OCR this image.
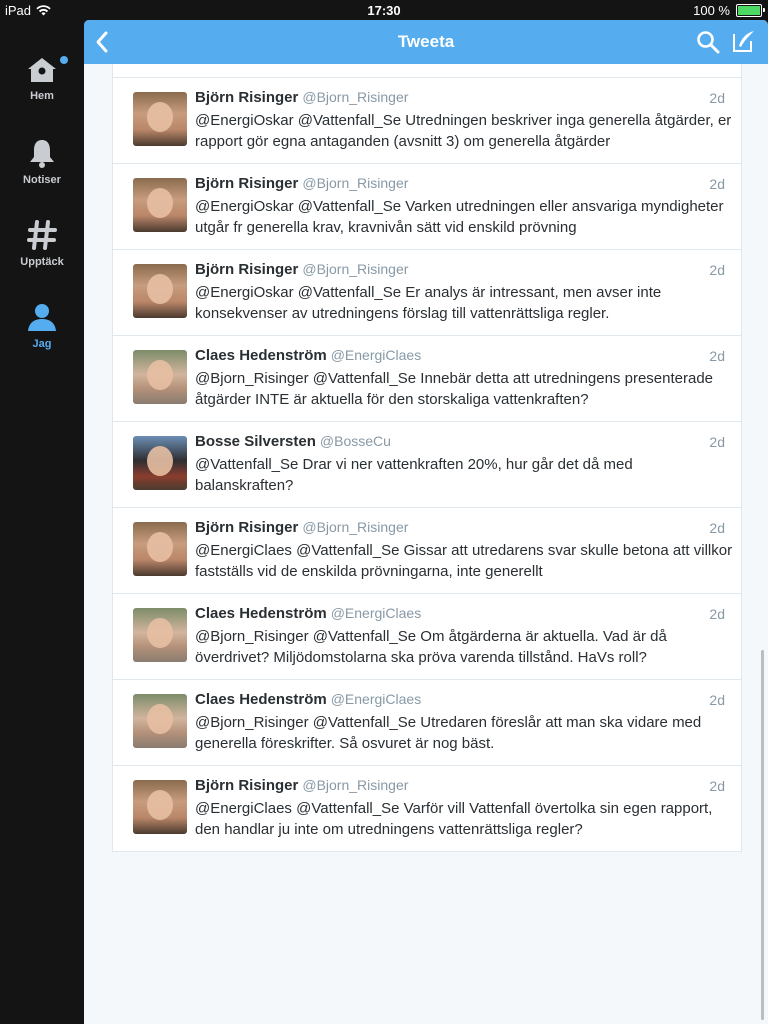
iPad	17:30	100 %
Hem
Notiser
Upptäck
Jag
Tweeta
Björn Risinger @Bjorn_Risinger	2d
@EnergiOskar @Vattenfall_Se Utredningen beskriver inga generella åtgärder, er rapport gör egna antaganden (avsnitt 3) om generella åtgärder
Björn Risinger @Bjorn_Risinger	2d
@EnergiOskar @Vattenfall_Se Varken utredningen eller ansvariga myndigheter utgår fr generella krav, kravnivån sätt vid enskild prövning
Björn Risinger @Bjorn_Risinger	2d
@EnergiOskar @Vattenfall_Se Er analys är intressant, men avser inte konsekvenser av utredningens förslag till vattenrättsliga regler.
Claes Hedenström @EnergiClaes	2d
@Bjorn_Risinger @Vattenfall_Se Innebär detta att utredningens presenterade åtgärder INTE är aktuella för den storskaliga vattenkraften?
Bosse Silversten @BosseCu	2d
@Vattenfall_Se Drar vi ner vattenkraften 20%, hur går det då med balanskraften?
Björn Risinger @Bjorn_Risinger	2d
@EnergiClaes @Vattenfall_Se Gissar att utredarens svar skulle betona att villkor fastställs vid de enskilda prövningarna, inte generellt
Claes Hedenström @EnergiClaes	2d
@Bjorn_Risinger @Vattenfall_Se Om åtgärderna är aktuella. Vad är då överdrivet? Miljödomstolarna ska pröva varenda tillstånd. HaVs roll?
Claes Hedenström @EnergiClaes	2d
@Bjorn_Risinger @Vattenfall_Se Utredaren föreslår att man ska vidare med generella föreskrifter. Så osvuret är nog bäst.
Björn Risinger @Bjorn_Risinger	2d
@EnergiClaes @Vattenfall_Se Varför vill Vattenfall övertolka sin egen rapport, den handlar ju inte om utredningens vattenrättsliga regler?
